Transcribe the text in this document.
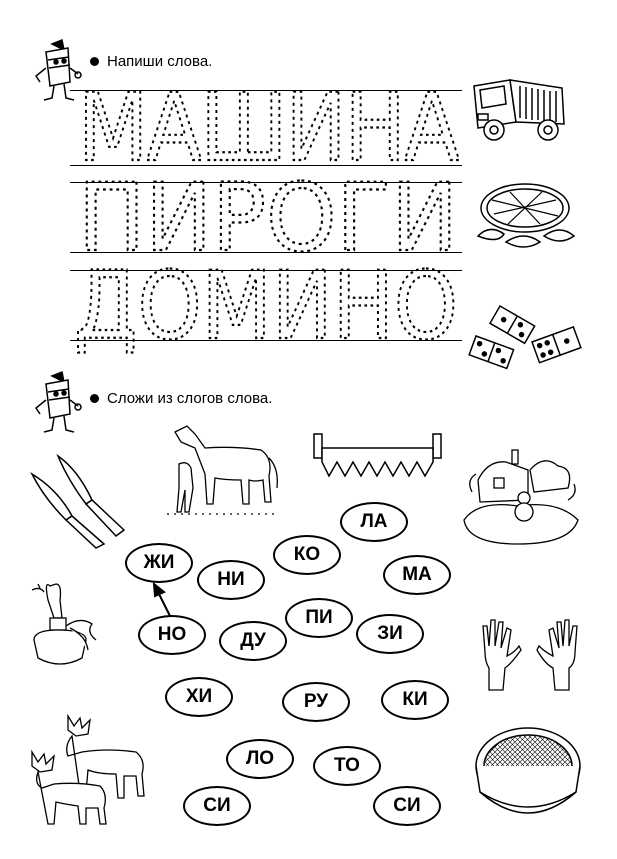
Напиши слова.
Сложи из слогов слова.
ЛА
КО
ЖИ
НИ	МА
ПИ
НО	ДУ	ЗИ
ХИ	РУ	КИ
ЛО	ТО
СИ	СИ
